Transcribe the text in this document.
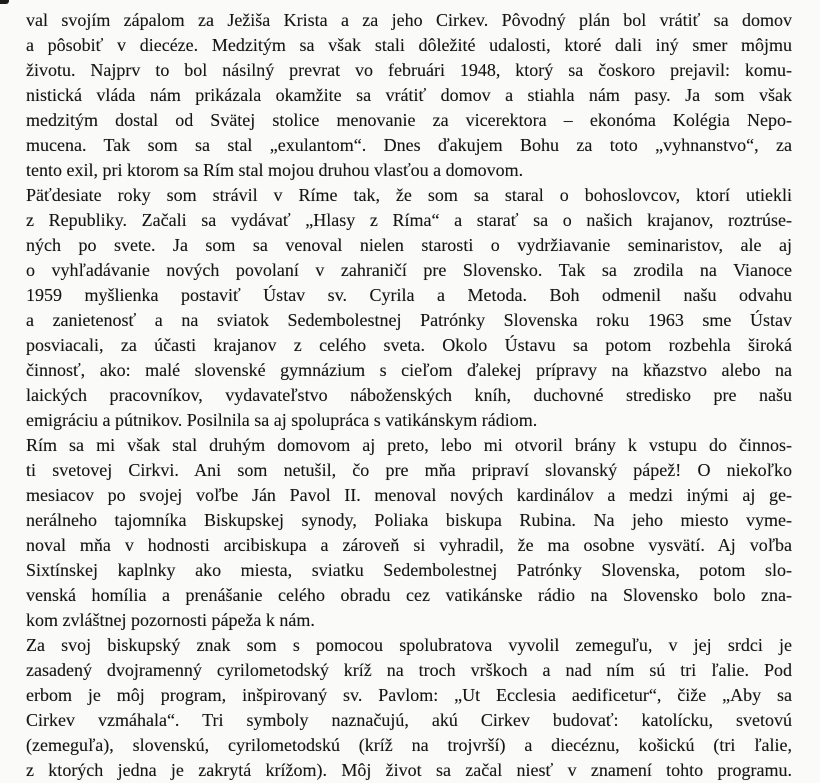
val svojím zápalom za Ježiša Krista a za jeho Cirkev. Pôvodný plán bol vrátiť sa domov
a pôsobiť v diecéze. Medzitým sa však stali dôležité udalosti, ktoré dali iný smer môjmu
životu. Najprv to bol násilný prevrat vo februári 1948, ktorý sa čoskoro prejavil: komu-
nistická vláda nám prikázala okamžite sa vrátiť domov a stiahla nám pasy. Ja som však
medzitým dostal od Svätej stolice menovanie za vicerektora – ekonóma Kolégia Nepo-
mucena. Tak som sa stal „exulantom“. Dnes ďakujem Bohu za toto „vyhnanstvo“, za
tento exil, pri ktorom sa Rím stal mojou druhou vlasťou a domovom.
Päťdesiate roky som strávil v Ríme tak, že som sa staral o bohoslovcov, ktorí utiekli
z Republiky. Začali sa vydávať „Hlasy z Ríma“ a starať sa o našich krajanov, roztrúse-
ných po svete. Ja som sa venoval nielen starosti o vydržiavanie seminaristov, ale aj
o vyhľadávanie nových povolaní v zahraničí pre Slovensko. Tak sa zrodila na Vianoce
1959 myšlienka postaviť Ústav sv. Cyrila a Metoda. Boh odmenil našu odvahu
a zanietenosť a na sviatok Sedembolestnej Patrónky Slovenska roku 1963 sme Ústav
posviacali, za účasti krajanov z celého sveta. Okolo Ústavu sa potom rozbehla široká
činnosť, ako: malé slovenské gymnázium s cieľom ďalekej prípravy na kňazstvo alebo na
laických pracovníkov, vydavateľstvo náboženských kníh, duchovné stredisko pre našu
emigráciu a pútnikov. Posilnila sa aj spolupráca s vatikánskym rádiom.
Rím sa mi však stal druhým domovom aj preto, lebo mi otvoril brány k vstupu do činnos-
ti svetovej Cirkvi. Ani som netušil, čo pre mňa pripraví slovanský pápež! O niekoľko
mesiacov po svojej voľbe Ján Pavol II. menoval nových kardinálov a medzi inými aj ge-
nerálneho tajomníka Biskupskej synody, Poliaka biskupa Rubina. Na jeho miesto vyme-
noval mňa v hodnosti arcibiskupa a zároveň si vyhradil, že ma osobne vysvätí. Aj voľba
Sixtínskej kaplnky ako miesta, sviatku Sedembolestnej Patrónky Slovenska, potom slo-
venská homília a prenášanie celého obradu cez vatikánske rádio na Slovensko bolo zna-
kom zvláštnej pozornosti pápeža k nám.
Za svoj biskupský znak som s pomocou spolubratova vyvolil zemeguľu, v jej srdci je
zasadený dvojramenný cyrilometodský kríž na troch vrškoch a nad ním sú tri ľalie. Pod
erbom je môj program, inšpirovaný sv. Pavlom: „Ut Ecclesia aedificetur“, čiže „Aby sa
Cirkev vzmáhala“. Tri symboly naznačujú, akú Cirkev budovať: katolícku, svetovú
(zemeguľa), slovenskú, cyrilometodskú (kríž na trojvrší) a diecéznu, košickú (tri ľalie,
z ktorých jedna je zakrytá krížom). Môj život sa začal niesť v znamení tohto programu.
